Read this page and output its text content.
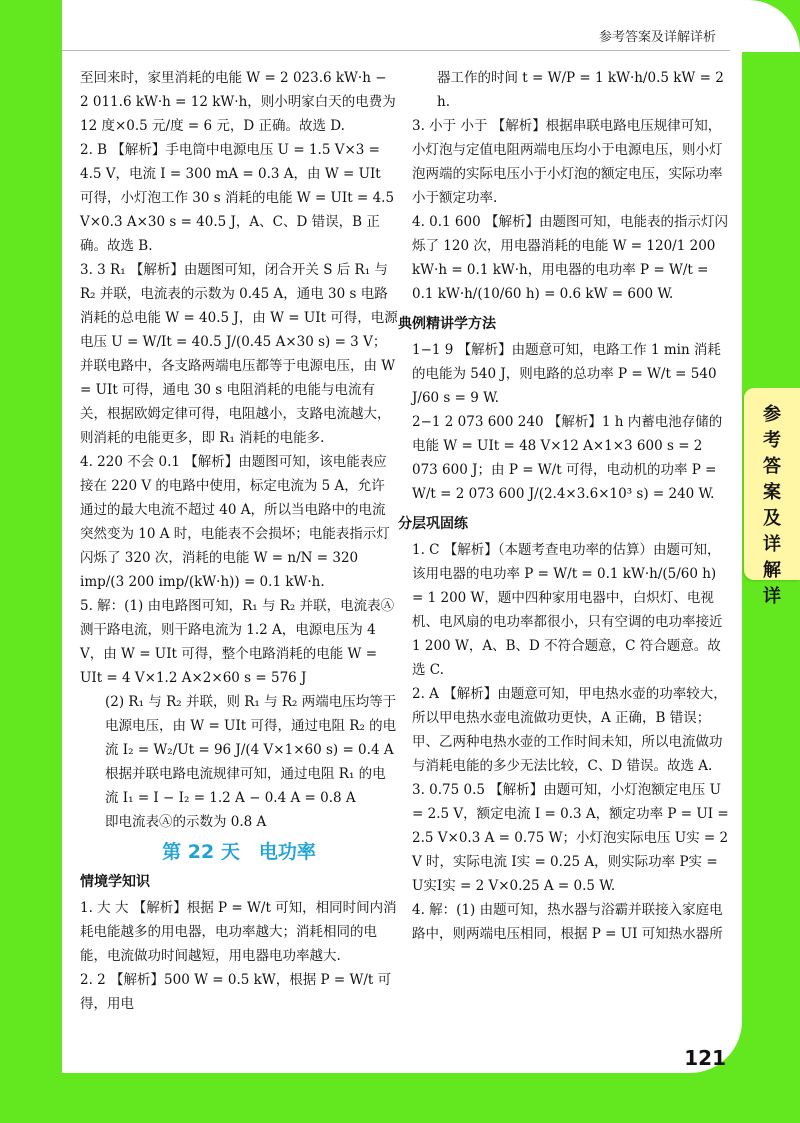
参考答案及详解详析
参
考
答
案
及
详
解
详

至回来时，家里消耗的电能 W = 2 023.6 kW·h − 2 011.6 kW·h = 12 kW·h，则小明家白天的电费为 12 度×0.5 元/度 = 6 元，D 正确。故选 D.

2. B 【解析】手电筒中电源电压 U = 1.5 V×3 = 4.5 V，电流 I = 300 mA = 0.3 A，由 W = UIt 可得，小灯泡工作 30 s 消耗的电能 W = UIt = 4.5 V×0.3 A×30 s = 40.5 J，A、C、D 错误，B 正确。故选 B.

3. 3 R₁ 【解析】由题图可知，闭合开关 S 后 R₁ 与 R₂ 并联，电流表的示数为 0.45 A，通电 30 s 电路消耗的总电能 W = 40.5 J，由 W = UIt 可得，电源电压 U = W/It = 40.5 J/(0.45 A×30 s) = 3 V；并联电路中，各支路两端电压都等于电源电压，由 W = UIt 可得，通电 30 s 电阻消耗的电能与电流有关，根据欧姆定律可得，电阻越小，支路电流越大，则消耗的电能更多，即 R₁ 消耗的电能多.

4. 220 不会 0.1 【解析】由题图可知，该电能表应接在 220 V 的电路中使用，标定电流为 5 A，允许通过的最大电流不超过 40 A，所以当电路中的电流突然变为 10 A 时，电能表不会损坏；电能表指示灯闪烁了 320 次，消耗的电能 W = n/N = 320 imp/(3 200 imp/(kW·h)) = 0.1 kW·h.

5. 解：(1) 由电路图可知，R₁ 与 R₂ 并联，电流表Ⓐ测干路电流，则干路电流为 1.2 A，电源电压为 4 V，由 W = UIt 可得，整个电路消耗的电能 W = UIt = 4 V×1.2 A×2×60 s = 576 J

(2) R₁ 与 R₂ 并联，则 R₁ 与 R₂ 两端电压均等于电源电压，由 W = UIt 可得，通过电阻 R₂ 的电流 I₂ = W₂/Ut = 96 J/(4 V×1×60 s) = 0.4 A

根据并联电路电流规律可知，通过电阻 R₁ 的电流 I₁ = I − I₂ = 1.2 A − 0.4 A = 0.8 A

即电流表Ⓐ的示数为 0.8 A

第 22 天　电功率
情境学知识

1. 大 大 【解析】根据 P = W/t 可知，相同时间内消耗电能越多的用电器，电功率越大；消耗相同的电能，电流做功时间越短，用电器电功率越大.

2. 2 【解析】500 W = 0.5 kW，根据 P = W/t 可得，用电

器工作的时间 t = W/P = 1 kW·h/0.5 kW = 2 h.

3. 小于 小于 【解析】根据串联电路电压规律可知，小灯泡与定值电阻两端电压均小于电源电压，则小灯泡两端的实际电压小于小灯泡的额定电压，实际功率小于额定功率.

4. 0.1 600 【解析】由题图可知，电能表的指示灯闪烁了 120 次，用电器消耗的电能 W = 120/1 200 kW·h = 0.1 kW·h，用电器的电功率 P = W/t = 0.1 kW·h/(10/60 h) = 0.6 kW = 600 W.

典例精讲学方法

1−1 9 【解析】由题意可知，电路工作 1 min 消耗的电能为 540 J，则电路的总功率 P = W/t = 540 J/60 s = 9 W.

2−1 2 073 600 240 【解析】1 h 内蓄电池存储的电能 W = UIt = 48 V×12 A×1×3 600 s = 2 073 600 J；由 P = W/t 可得，电动机的功率 P = W/t = 2 073 600 J/(2.4×3.6×10³ s) = 240 W.

分层巩固练

1. C 【解析】（本题考查电功率的估算）由题可知，该用电器的电功率 P = W/t = 0.1 kW·h/(5/60 h) = 1 200 W，题中四种家用电器中，白炽灯、电视机、电风扇的电功率都很小，只有空调的电功率接近 1 200 W，A、B、D 不符合题意，C 符合题意。故选 C.

2. A 【解析】由题意可知，甲电热水壶的功率较大，所以甲电热水壶电流做功更快，A 正确，B 错误；甲、乙两种电热水壶的工作时间未知，所以电流做功与消耗电能的多少无法比较，C、D 错误。故选 A.

3. 0.75 0.5 【解析】由题可知，小灯泡额定电压 U = 2.5 V，额定电流 I = 0.3 A，额定功率 P = UI = 2.5 V×0.3 A = 0.75 W；小灯泡实际电压 U实 = 2 V 时，实际电流 I实 = 0.25 A，则实际功率 P实 = U实I实 = 2 V×0.25 A = 0.5 W.

4. 解：(1) 由题可知，热水器与浴霸并联接入家庭电路中，则两端电压相同，根据 P = UI 可知热水器所

121
